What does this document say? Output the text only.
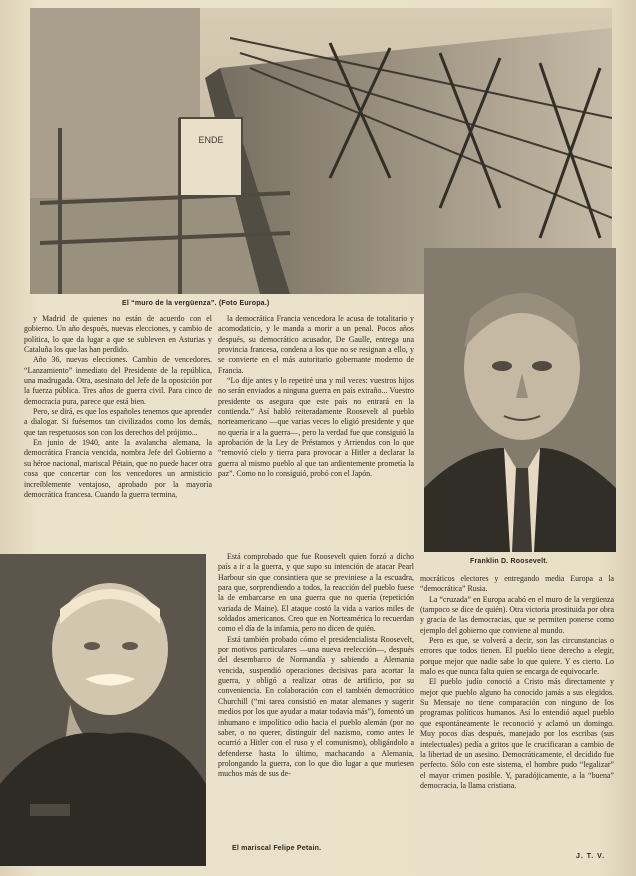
ENDE
El “muro de la vergüenza”. (Foto Europa.)
Franklin D. Roosevelt.
El mariscal Felipe Petain.

y Madrid de quienes no están de acuerdo con el gobierno. Un año después, nuevas elecciones, y cambio de política, lo que da lugar a que se subleven en Asturias y Cataluña los que las han perdido.

Año 36, nuevas elecciones. Cambio de vencedores. “Lanzamiento” inmediato del Presidente de la república, una madrugada. Otra, asesinato del Jefe de la oposición por la fuerza pública. Tres años de guerra civil. Para cinco de democracia pura, parece que está bien.

Pero, se dirá, es que los españoles tenemos que aprender a dialogar. Si fuésemos tan civilizados como los demás, que tan respetuosos son con los derechos del prójimo...

En junio de 1940, ante la avalancha alemana, la democrática Francia vencida, nombra Jefe del Gobierno a su héroe nacional, mariscal Pétain, que no puede hacer otra cosa que concertar con los vencedores un armisticio increíblemente ventajoso, aprobado por la mayoría democrática francesa. Cuando la guerra termina,

la democrática Francia vencedora le acusa de totalitario y acomodaticio, y le manda a morir a un penal. Pocos años después, su democrático acusador, De Gaulle, entrega una provincia francesa, condena a los que no se resignan a ello, y se convierte en el más autoritario gobernante moderno de Francia.

“Lo dije antes y lo repetiré una y mil veces: vuestros hijos no serán enviados a ninguna guerra en país extraño... Vuestro presidente os asegura que este país no entrará en la contienda.” Así habló reiteradamente Roosevelt al pueblo norteamericano —que varias veces lo eligió presidente y que no quería ir a la guerra—, pero la verdad fue que consiguió la aprobación de la Ley de Préstamos y Arriendos con lo que “removió cielo y tierra para provocar a Hitler a declarar la guerra al mismo pueblo al que tan ardientemente prometía la paz”. Como no lo consiguió, probó con el Japón.

Está comprobado que fue Roosevelt quien forzó a dicho país a ir a la guerra, y que supo su intención de atacar Pearl Harbour sin que consintiera que se previniese a la escuadra, para que, sorprendiendo a todos, la reacción del pueblo fuese la de embarcarse en una guerra que no quería (repetición variada de Maine). El ataque costó la vida a varios miles de soldados americanos. Creo que en Norteamérica lo recuerdan como el día de la infamia, pero no dicen de quién.

Está también probado cómo el presidencialista Roosevelt, por motivos particulares —una nueva reelección—, después del desembarco de Normandía y sabiendo a Alemania vencida, suspendió operaciones decisivas para acortar la guerra, y obligó a realizar otras de artificio, por su conveniencia. En colaboración con el también democrático Churchill (“mi tarea consistió en matar alemanes y sugerir medios por los que ayudar a matar todavía más”), fomentó un inhumano e impolítico odio hacia el pueblo alemán (por no saber, o no querer, distinguir del nazismo, como antes le ocurrió a Hitler con el ruso y el comunismo), obligándolo a defenderse hasta lo último, machacando a Alemania, prolongando la guerra, con lo que dio lugar a que muriesen muchos más de sus de-

mocráticos electores y entregando media Europa a la “democrática” Rusia.

La “cruzada” en Europa acabó en el muro de la vergüenza (tampoco se dice de quién). Otra victoria prostituida por obra y gracia de las democracias, que se permiten ponerse como ejemplo del gobierno que conviene al mundo.

Pero es que, se volverá a decir, son las circunstancias o errores que todos tienen. El pueblo tiene derecho a elegir, porque mejor que nadie sabe lo que quiere. Y es cierto. Lo malo es que nunca falta quien se encarga de equivocarle.

El pueblo judío conoció a Cristo más directamente y mejor que pueblo alguno ha conocido jamás a sus elegidos. Su Mensaje no tiene comparación con ninguno de los programas políticos humanos. Así lo entendió aquel pueblo que espontáneamente le reconoció y aclamó un domingo. Muy pocos días después, manejado por los escribas (sus intelectuales) pedía a gritos que le crucificaran a cambio de la libertad de un asesino. Democráticamente, el decidido fue perfecto. Sólo con este sistema, el hombre pudo “legalizar” el mayor crimen posible. Y, paradójicamente, a la “buena” democracia, la llama cristiana.

J. T. V.
